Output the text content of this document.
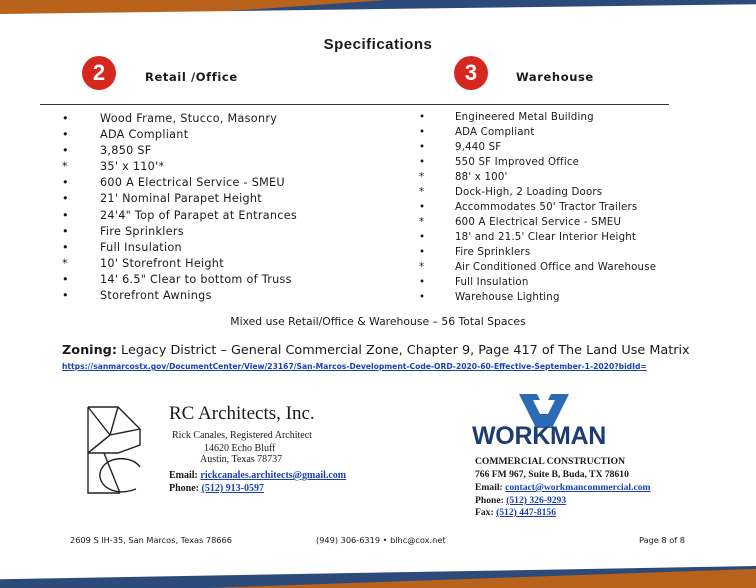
Specifications
2	Retail /Office	3	Warehouse
•	Wood Frame, Stucco, Masonry
•	ADA Compliant
•	3,850 SF
*	35' x 110'*
•	600 A Electrical Service - SMEU
•	21' Nominal Parapet Height
•	24'4" Top of Parapet at Entrances
•	Fire Sprinklers
•	Full Insulation
*	10' Storefront Height
•	14' 6.5" Clear to bottom of Truss
•	Storefront Awnings
•	Engineered Metal Building
•	ADA Compliant
•	9,440 SF
•	550 SF Improved Office
*	88' x 100'
*	Dock-High, 2 Loading Doors
•	Accommodates 50' Tractor Trailers
*	600 A Electrical Service - SMEU
•	18' and 21.5' Clear Interior Height
•	Fire Sprinklers
*	Air Conditioned Office and Warehouse
•	Full Insulation
•	Warehouse Lighting
Mixed use Retail/Office & Warehouse – 56 Total Spaces
Zoning: Legacy District – General Commercial Zone, Chapter 9, Page 417 of The Land Use Matrix
https://sanmarcostx.gov/DocumentCenter/View/23167/San-Marcos-Development-Code-ORD-2020-60-Effective-September-1-2020?bidId=
RC Architects, Inc.
Rick Canales, Registered Architect
14620 Echo Bluff
Austin, Texas 78737
Email: rickcanales.architects@gmail.com
Phone: (512) 913-0597
WORKMAN
COMMERCIAL CONSTRUCTION
766 FM 967, Suite B, Buda, TX 78610
Email: contact@workmancommercial.com
Phone: (512) 326-9293
Fax: (512) 447-8156
2609 S IH-35, San Marcos, Texas 78666	(949) 306-6319 • blhc@cox.net	Page 8 of 8
